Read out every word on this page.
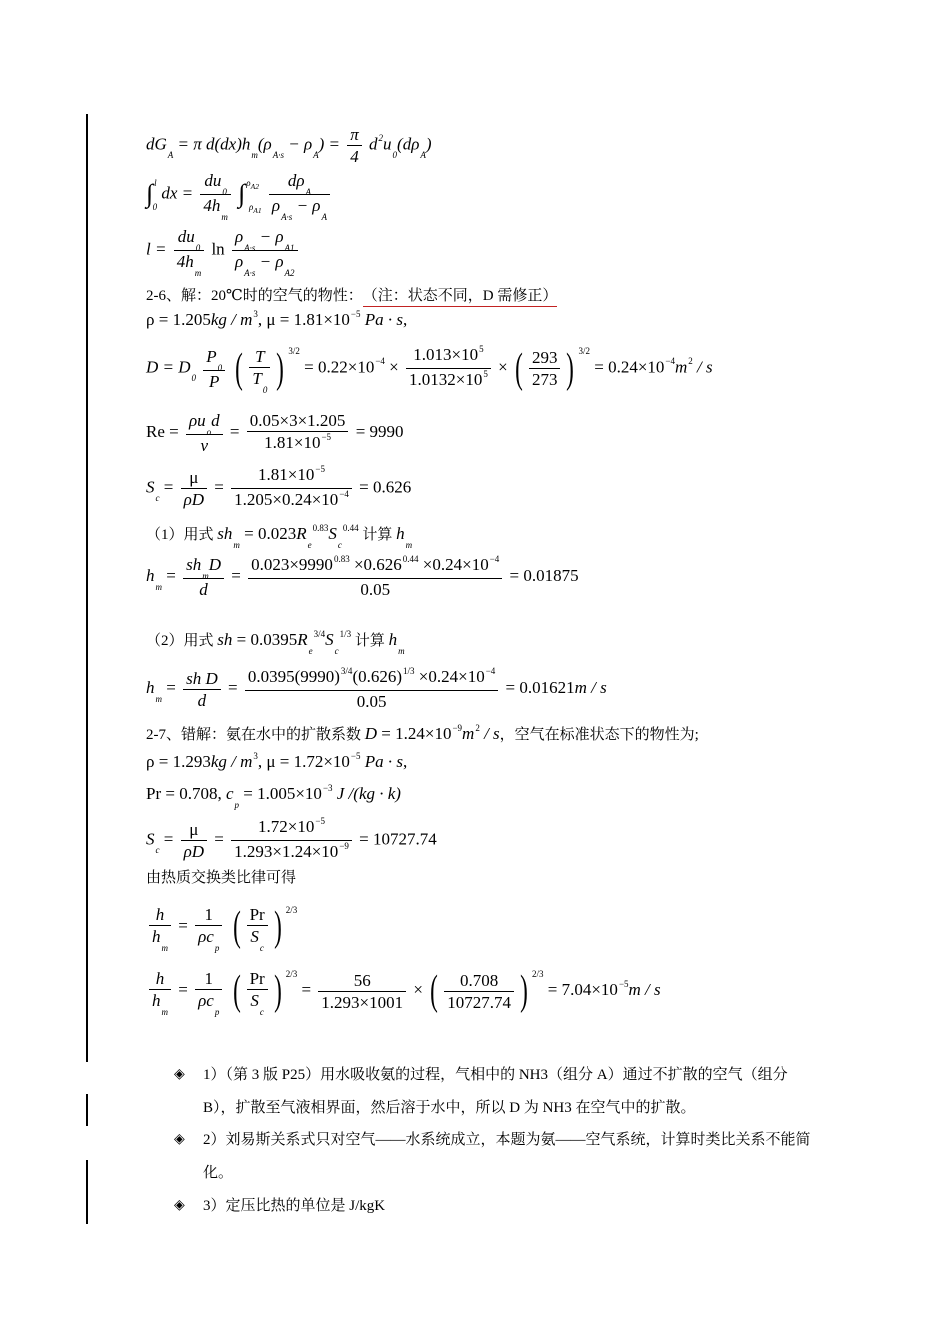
$dG_A = \pi$ $d(dx)h_m(\rho_{A\cdot s} - \rho_A) = \frac{\pi}{4} d^2u_0(d\rho_A)$
∫$^l_0$ dx = $\frac{du_0}{4h_m} \int^{\rho_{A2}}_{\rho_{A1}} \frac{d\rho_A}{\rho_{A\cdot s} - \rho_A}$
$l = \frac{du_0}{4h_m}$ $\ln \frac{\rho_{A\cdot s} - \rho_{A1}}{\rho_{A\cdot s} - \rho_{A2}}$
2-6、解：20℃时的空气的物性：（注：状态不同，D 需修正）
$\rho = 1.205kg / m^3$, $\mu = 1.81\times 10^{-5}$ Pa · s,
$D = D_0 \frac{P_0}{P}$ ( $\frac{T}{T_0}$ ) $^{3/2} = 0.22\times 10^{-4} \times \frac{1.013\times 10^5}{1.0132\times 10^5}$ × ( $\frac{293}{273}$ ) $^{3/2} = 0.24\times 10^{-4}m^2 / s$
$Re = \frac{\rho u_od}{v} = \frac{0.05\times 3\times 1.205}{1.81\times 10^{-5}} = 9990$
$S_c = \frac{\mu}{\rho D} = \frac{1.81\times 10^{-5}}{1.205\times 0.24\times 10^{-4}} = 0.626$
（1）用式 $sh_m = 0.023R_e^{0.83}S_c^{0.44}$ 计算 $h_m$
$h_m = \frac{sh_mD}{d} = \frac{0.023\times 9990^{0.83} \times 0.626^{0.44} \times 0.24\times 10^{-4}}{0.05} = 0.01875$
（2）用式 sh = $0.0395R_e^{3/4}S_c^{1/3}$ 计算 $h_m$
$h_m = \frac{\text{sh D}}{d} = \frac{0.0395(9990)^{3/4}(0.626)^{1/3} \times 0.24\times 10^{-4}}{0.05} = 0.01621m / s$
2-7、错解：氨在水中的扩散系数 $D = 1.24\times 10^{-9}m^2 / s$，空气在标准状态下的物性为;
$\rho = 1.293kg / m^3$, $\mu = 1.72\times 10^{-5}$ Pa · s,
Pr = 0.708, $c_p = 1.005\times 10^{-3}$ J /(kg · k)
$S_c = \frac{\mu}{\rho D} = \frac{1.72\times 10^{-5}}{1.293\times 1.24\times 10^{-9}} = 10727.74$
由热质交换类比律可得
$\frac{h}{h_m} = \frac{1}{\rho c_p}$ ( $\frac{Pr}{S_c}$ ) $^{2/3}$
$\frac{h}{h_m} = \frac{1}{\rho c_p}$ ( $\frac{Pr}{S_c}$ ) $^{2/3} = \frac{56}{1.293\times 1001}$ × ( $\frac{0.708}{10727.74}$ ) $^{2/3} = 7.04\times 10^{-5}m / s$
◈ 1）（第 3 版 P25）用水吸收氨的过程，气相中的 NH3（组分 A）通过不扩散的空气（组分 B），扩散至气液相界面，然后溶于水中，所以 D 为 NH3 在空气中的扩散。
◈ 2）刘易斯关系式只对空气——水系统成立，本题为氨——空气系统，计算时类比关系不能简化。
◈ 3）定压比热的单位是 J/kgK
